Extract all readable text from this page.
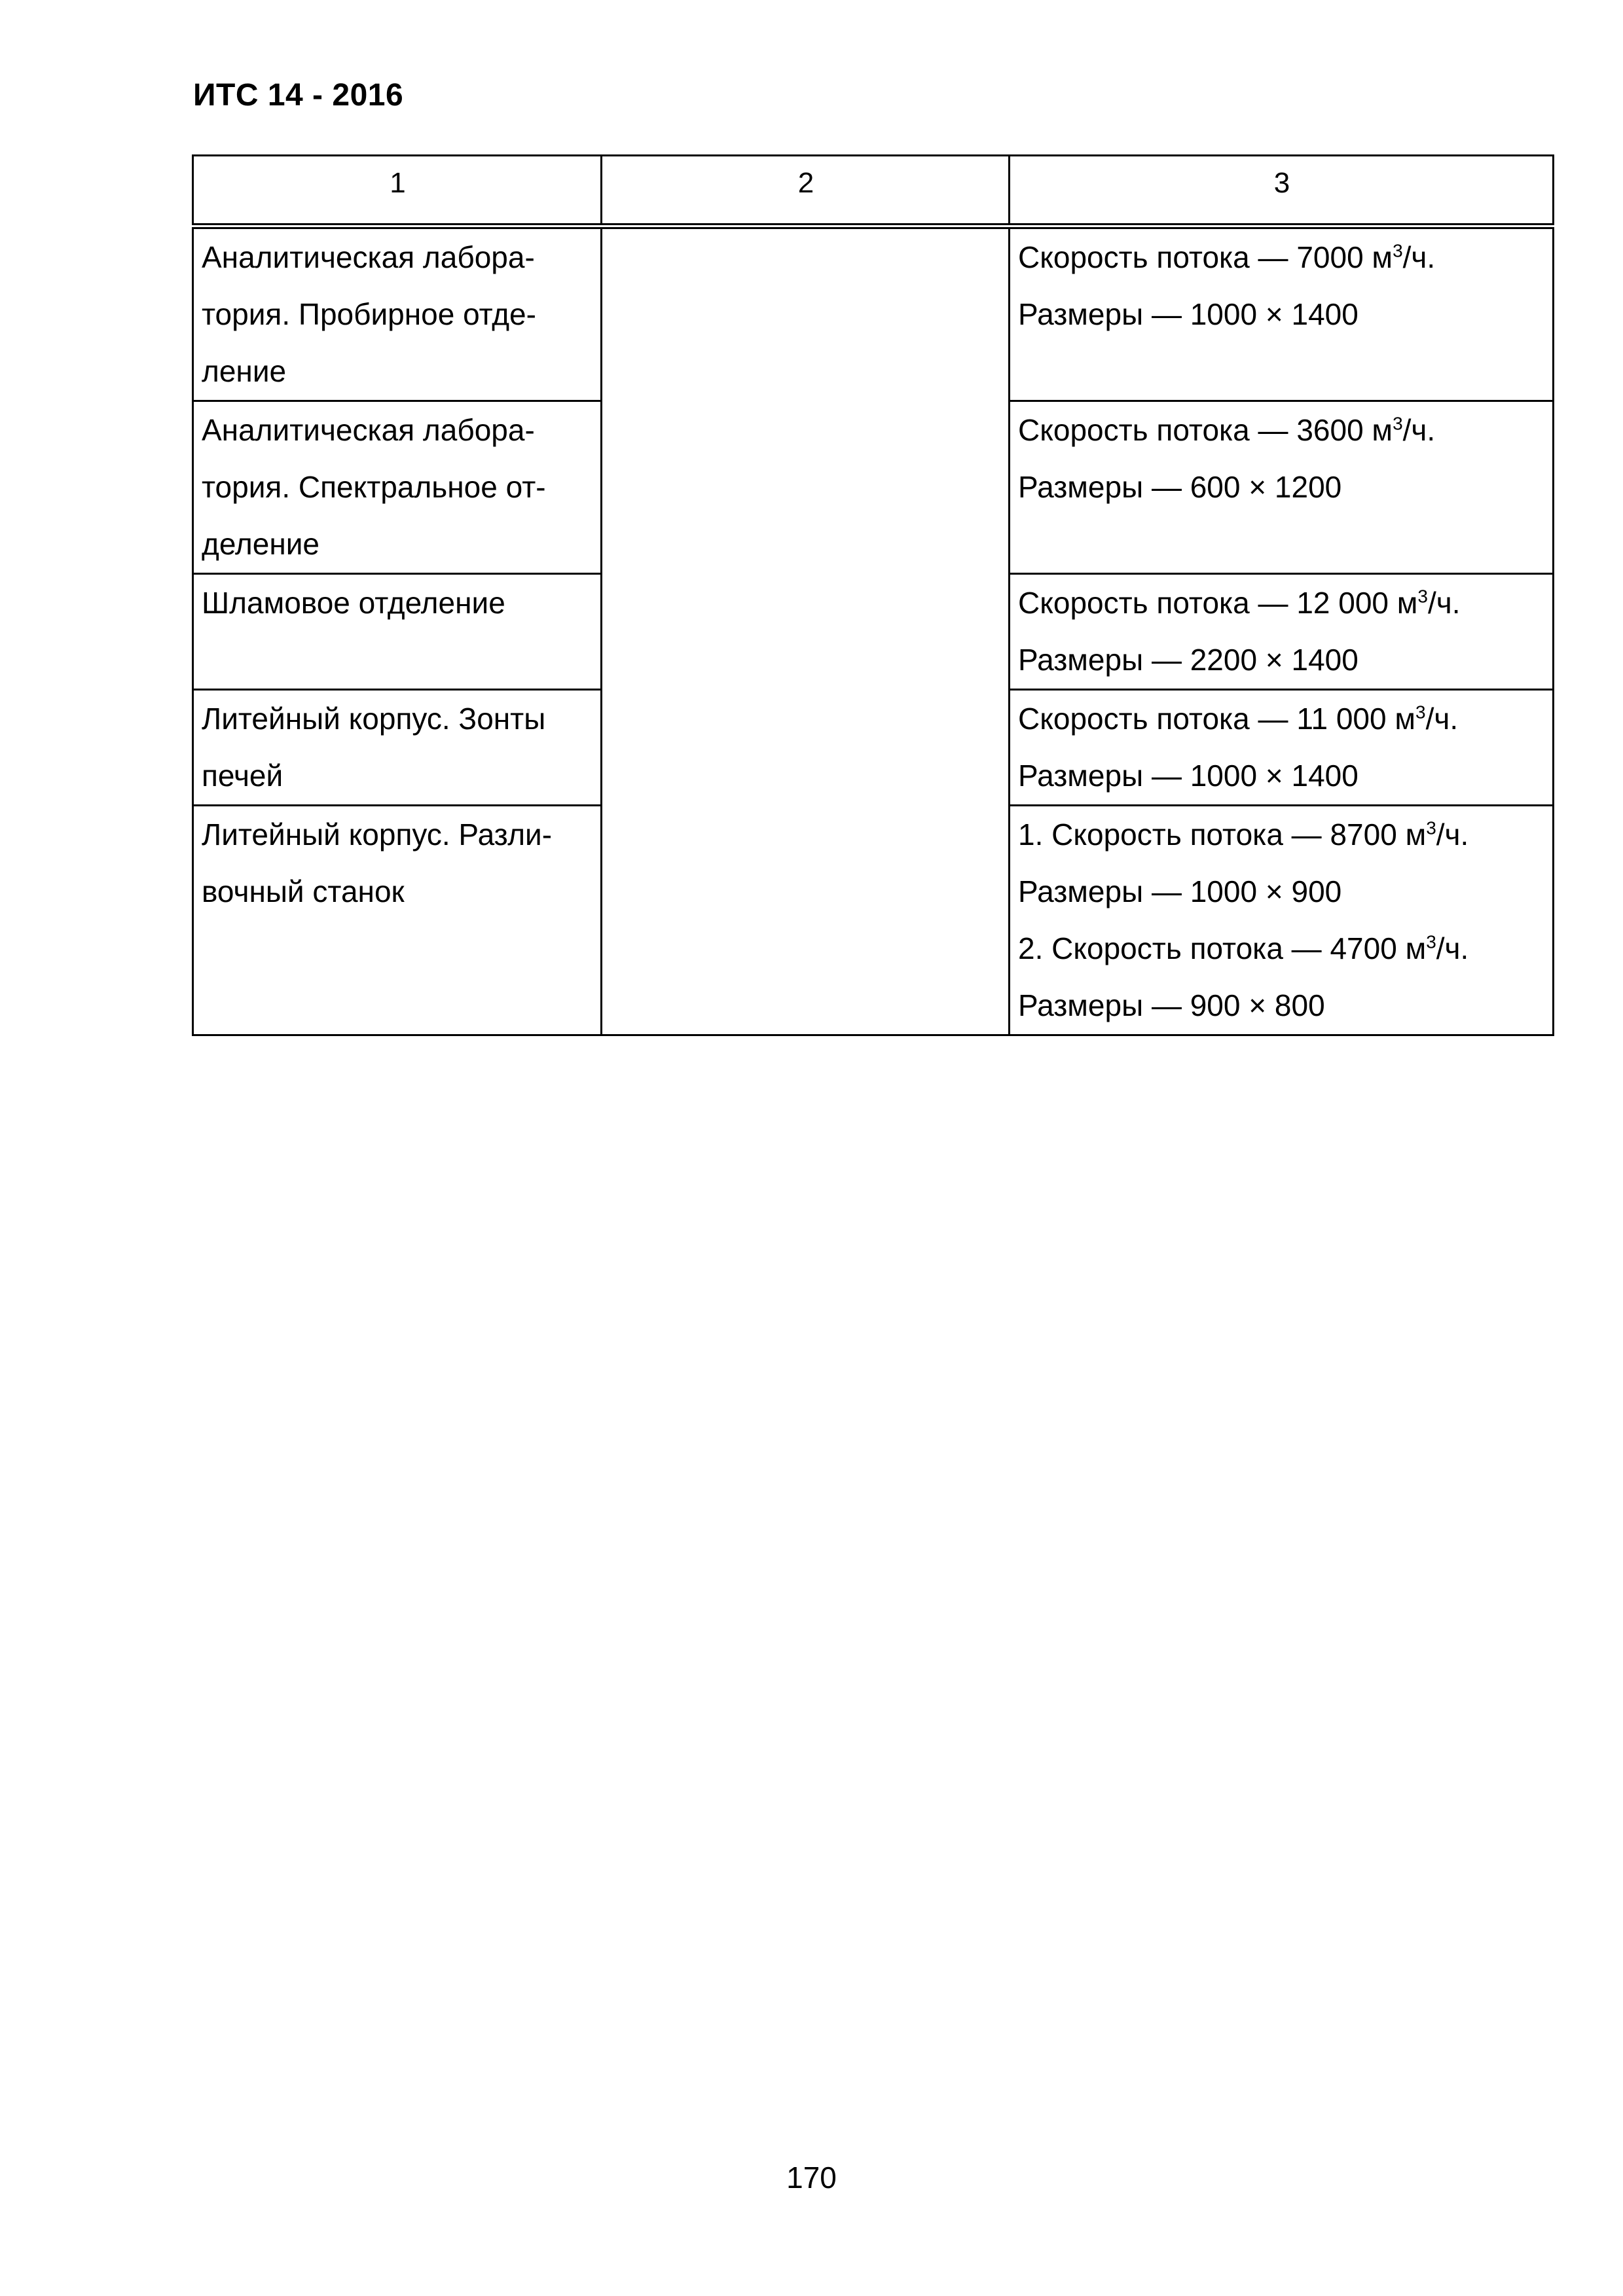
ИТС 14 - 2016
1	2	3

Аналитическая лабора-
тория. Пробирное отде-
ление		Скорость потока — 7000 $м^3/ч$.
Размеры — 1000 × 1400

Аналитическая лабора-
тория. Спектральное от-
деление		Скорость потока — 3600 $м^3/ч$.
Размеры — 600 × 1200

Шламовое отделение		Скорость потока — 12 000 $м^3/ч$.
Размеры — 2200 × 1400

Литейный корпус. Зонты
печей		Скорость потока — 11 000 $м^3/ч$.
Размеры — 1000 × 1400

Литейный корпус. Разли-
вочный станок		1. Скорость потока — 8700 $м^3/ч$.
Размеры — 1000 × 900
2. Скорость потока — 4700 $м^3/ч$.
Размеры — 900 × 800
170
